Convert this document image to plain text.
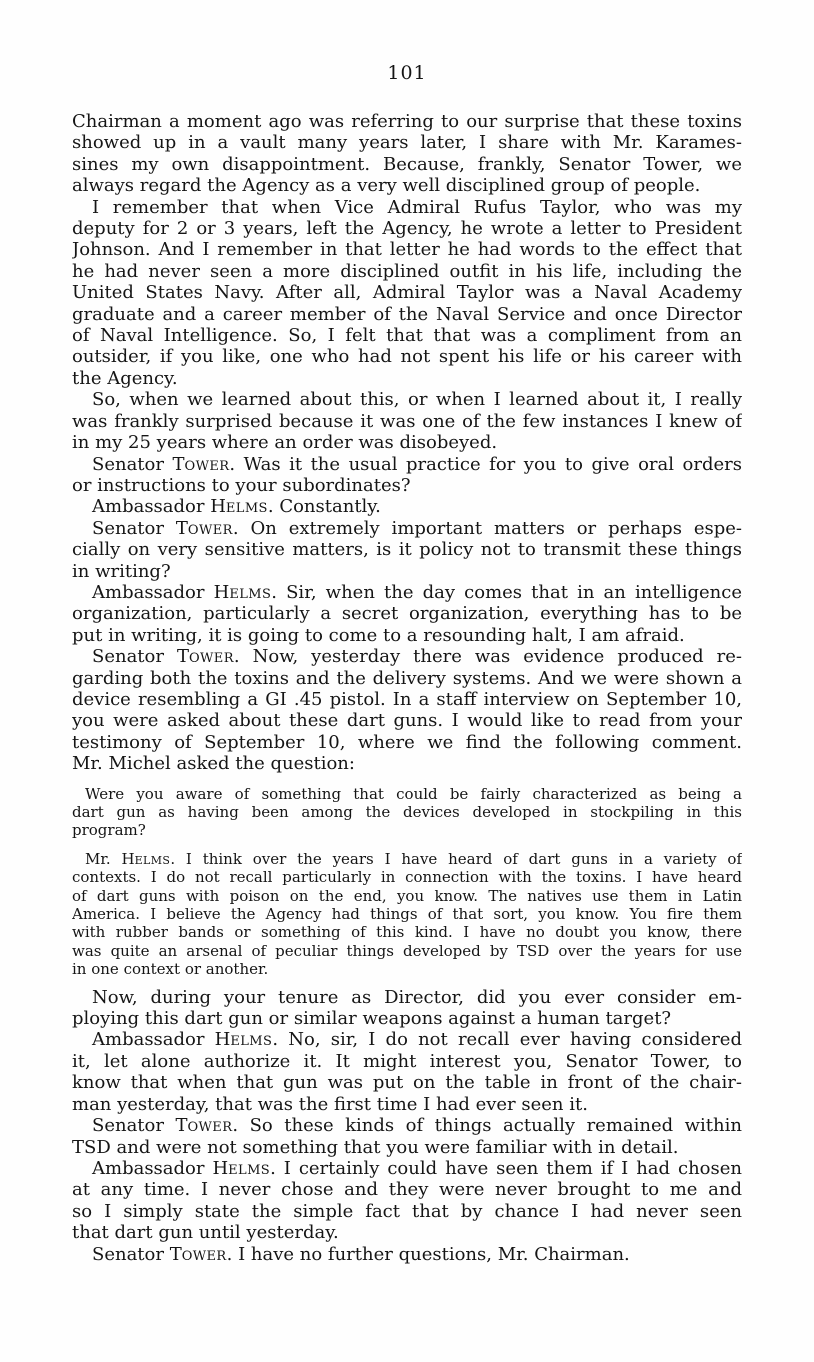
101
Chairman a moment ago was referring to our surprise that these toxins
showed up in a vault many years later, I share with Mr. Karames-
sines my own disappointment. Because, frankly, Senator Tower, we
always regard the Agency as a very well disciplined group of people.
I remember that when Vice Admiral Rufus Taylor, who was my
deputy for 2 or 3 years, left the Agency, he wrote a letter to President
Johnson. And I remember in that letter he had words to the effect that
he had never seen a more disciplined outfit in his life, including the
United States Navy. After all, Admiral Taylor was a Naval Academy
graduate and a career member of the Naval Service and once Director
of Naval Intelligence. So, I felt that that was a compliment from an
outsider, if you like, one who had not spent his life or his career with
the Agency.
So, when we learned about this, or when I learned about it, I really
was frankly surprised because it was one of the few instances I knew of
in my 25 years where an order was disobeyed.
Senator Tower. Was it the usual practice for you to give oral orders
or instructions to your subordinates?
Ambassador Helms. Constantly.
Senator Tower. On extremely important matters or perhaps espe-
cially on very sensitive matters, is it policy not to transmit these things
in writing?
Ambassador Helms. Sir, when the day comes that in an intelligence
organization, particularly a secret organization, everything has to be
put in writing, it is going to come to a resounding halt, I am afraid.
Senator Tower. Now, yesterday there was evidence produced re-
garding both the toxins and the delivery systems. And we were shown a
device resembling a GI .45 pistol. In a staff interview on September 10,
you were asked about these dart guns. I would like to read from your
testimony of September 10, where we find the following comment.
Mr. Michel asked the question:
Were you aware of something that could be fairly characterized as being a
dart gun as having been among the devices developed in stockpiling in this
program?
Mr. Helms. I think over the years I have heard of dart guns in a variety of
contexts. I do not recall particularly in connection with the toxins. I have heard
of dart guns with poison on the end, you know. The natives use them in Latin
America. I believe the Agency had things of that sort, you know. You fire them
with rubber bands or something of this kind. I have no doubt you know, there
was quite an arsenal of peculiar things developed by TSD over the years for use
in one context or another.
Now, during your tenure as Director, did you ever consider em-
ploying this dart gun or similar weapons against a human target?
Ambassador Helms. No, sir, I do not recall ever having considered
it, let alone authorize it. It might interest you, Senator Tower, to
know that when that gun was put on the table in front of the chair-
man yesterday, that was the first time I had ever seen it.
Senator Tower. So these kinds of things actually remained within
TSD and were not something that you were familiar with in detail.
Ambassador Helms. I certainly could have seen them if I had chosen
at any time. I never chose and they were never brought to me and
so I simply state the simple fact that by chance I had never seen
that dart gun until yesterday.
Senator Tower. I have no further questions, Mr. Chairman.
